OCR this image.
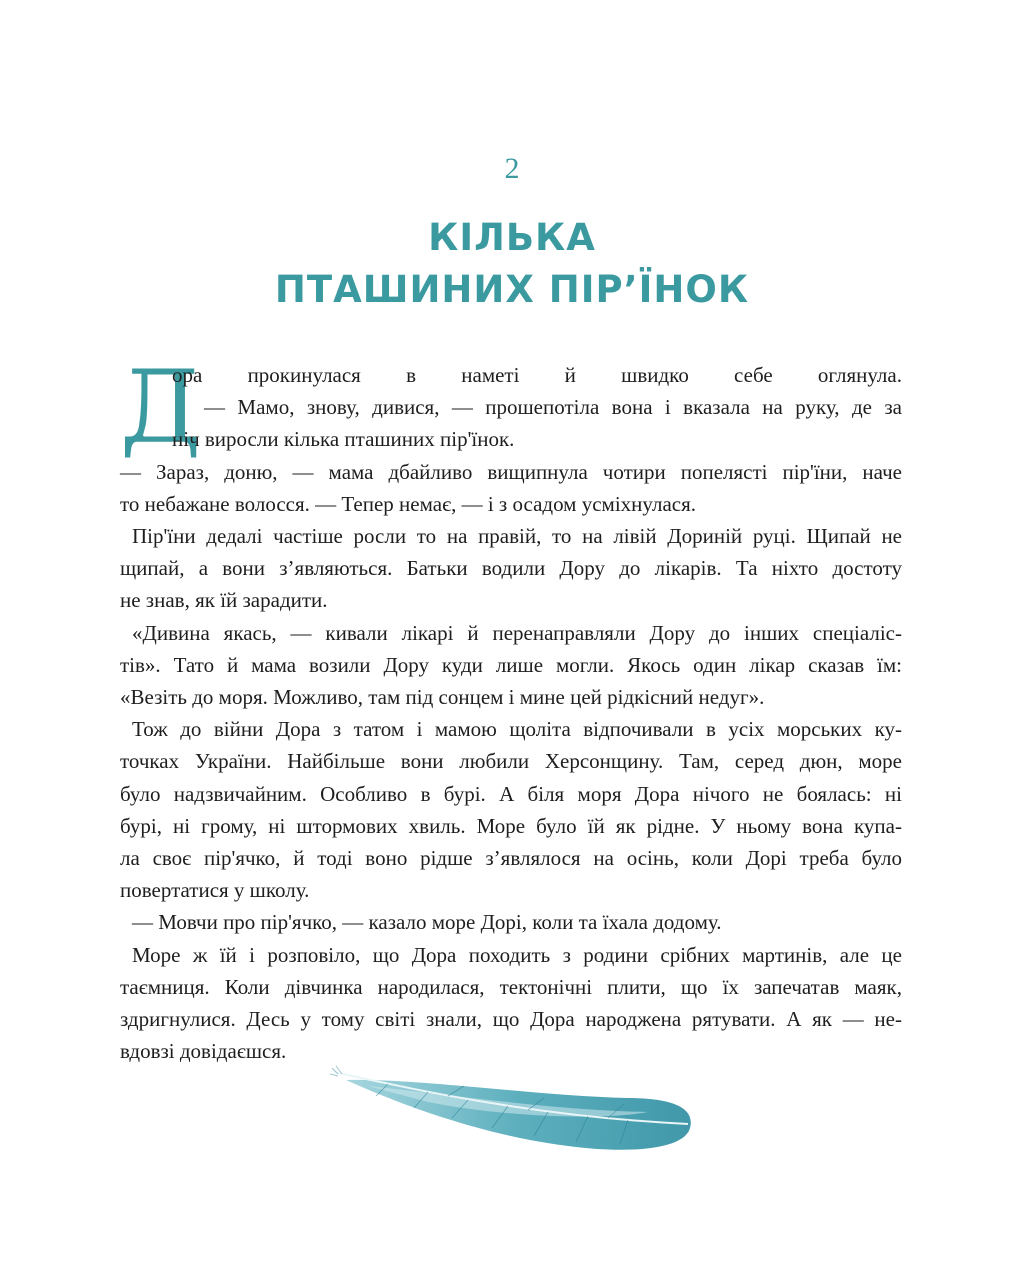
2
КІЛЬКА
ПТАШИНИХ ПІР’ЇНОК
Д
ора прокинулася в наметі й швидко себе оглянула.
— Мамо, знову, дивися, — прошепотіла вона і вказала на руку, де за
ніч виросли кілька пташиних пір'їнок.
— Зараз, доню, — мама дбайливо вищипнула чотири попелясті пір'їни, наче
то небажане волосся. — Тепер немає, — і з осадом усміхнулася.
Пір'їни дедалі частіше росли то на правій, то на лівій Дориній руці. Щипай не
щипай, а вони з’являються. Батьки водили Дору до лікарів. Та ніхто достоту
не знав, як їй зарадити.
«Дивина якась, — кивали лікарі й перенаправляли Дору до інших спеціаліс-
тів». Тато й мама возили Дору куди лише могли. Якось один лікар сказав їм:
«Везіть до моря. Можливо, там під сонцем і мине цей рідкісний недуг».
Тож до війни Дора з татом і мамою щоліта відпочивали в усіх морських ку-
точках України. Найбільше вони любили Херсонщину. Там, серед дюн, море
було надзвичайним. Особливо в бурі. А біля моря Дора нічого не боялась: ні
бурі, ні грому, ні штормових хвиль. Море було їй як рідне. У ньому вона купа-
ла своє пір'ячко, й тоді воно рідше з’являлося на осінь, коли Дорі треба було
повертатися у школу.
— Мовчи про пір'ячко, — казало море Дорі, коли та їхала додому.
Море ж їй і розповіло, що Дора походить з родини срібних мартинів, але це
таємниця. Коли дівчинка народилася, тектонічні плити, що їх запечатав маяк,
здригнулися. Десь у тому світі знали, що Дора народжена рятувати. А як — не-
вдовзі довідаєшся.
